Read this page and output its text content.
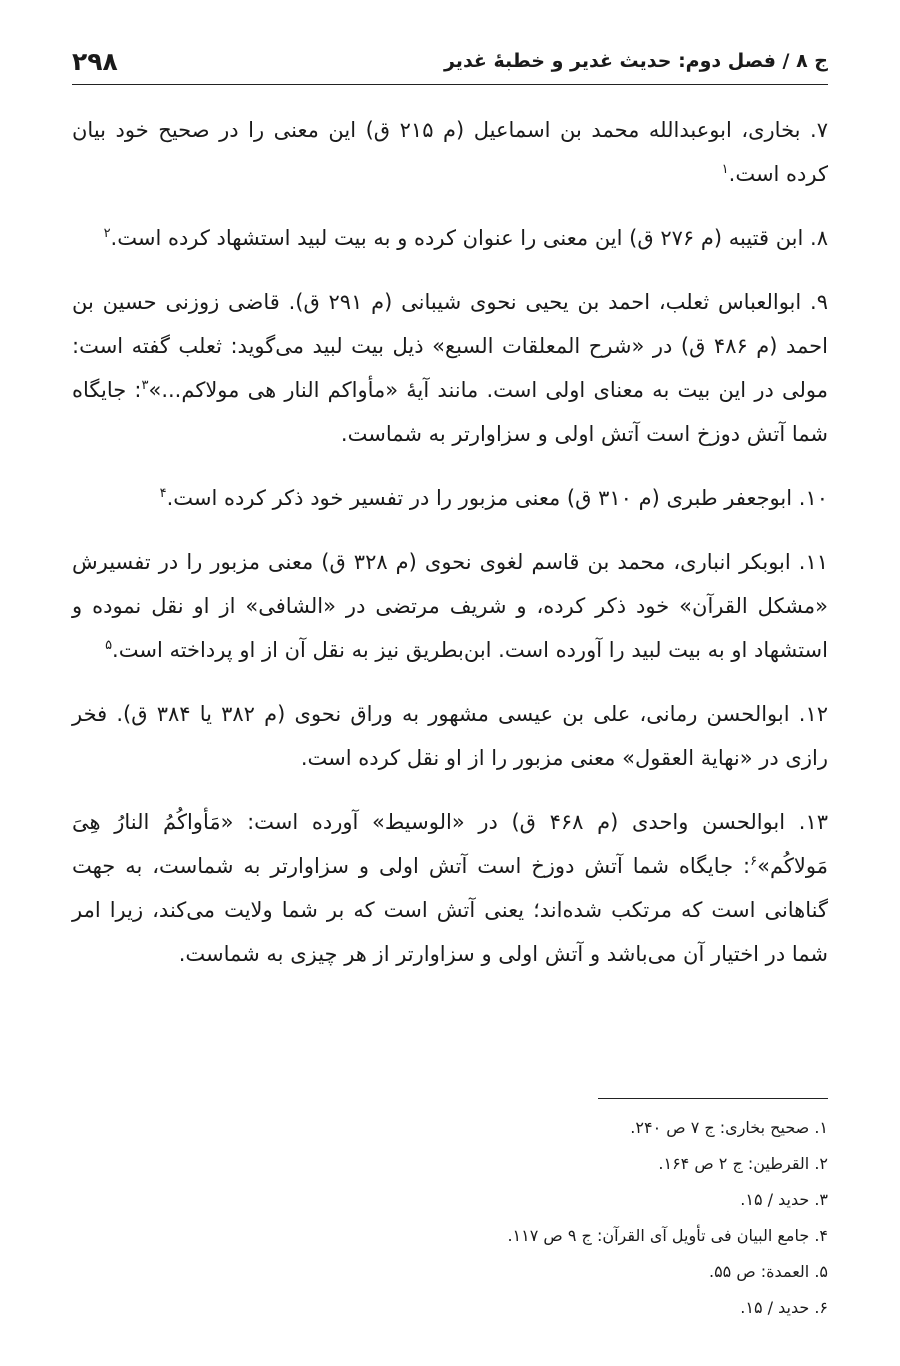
ج ۸ / فصل دوم: حدیث غدیر و خطبهٔ غدیر
۲۹۸

۷. بخاری، ابوعبدالله محمد بن اسماعیل (م ۲۱۵ ق) این معنی را در صحیح خود بیان کرده است.$^۱$

۸. ابن قتیبه (م ۲۷۶ ق) این معنی را عنوان کرده و به بیت لبید استشهاد کرده است.$^۲$

۹. ابوالعباس ثعلب، احمد بن یحیی نحوی شیبانی (م ۲۹۱ ق). قاضی زوزنی حسین بن احمد (م ۴۸۶ ق) در «شرح المعلقات السبع» ذیل بیت لبید می‌گوید: ثعلب گفته است: مولی در این بیت به معنای اولی است. مانند آیهٔ «مأواکم النار هی مولاکم...»$^۳$: جایگاه شما آتش دوزخ است آتش اولی و سزاوارتر به شماست.

۱۰. ابوجعفر طبری (م ۳۱۰ ق) معنی مزبور را در تفسیر خود ذکر کرده است.$^۴$

۱۱. ابوبکر انباری، محمد بن قاسم لغوی نحوی (م ۳۲۸ ق) معنی مزبور را در تفسیرش «مشکل القرآن» خود ذکر کرده، و شریف مرتضی در «الشافی» از او نقل نموده و استشهاد او به بیت لبید را آورده است. ابن‌بطریق نیز به نقل آن از او پرداخته است.$^۵$

۱۲. ابوالحسن رمانی، علی بن عیسی مشهور به وراق نحوی (م ۳۸۲ یا ۳۸۴ ق). فخر رازی در «نهایة العقول» معنی مزبور را از او نقل کرده است.

۱۳. ابوالحسن واحدی (م ۴۶۸ ق) در «الوسیط» آورده است: «مَأواکُمُ النارُ هِیَ مَولاکُم»$^۶$: جایگاه شما آتش دوزخ است آتش اولی و سزاوارتر به شماست، به جهت گناهانی است که مرتکب شده‌اند؛ یعنی آتش است که بر شما ولایت می‌کند، زیرا امر شما در اختیار آن می‌باشد و آتش اولی و سزاوارتر از هر چیزی به شماست.

۱. صحیح بخاری: ج ۷ ص ۲۴۰.

۲. القرطین: ج ۲ ص ۱۶۴.

۳. حدید / ۱۵.

۴. جامع البیان فی تأویل آی القرآن: ج ۹ ص ۱۱۷.

۵. العمدة: ص ۵۵.

۶. حدید / ۱۵.
